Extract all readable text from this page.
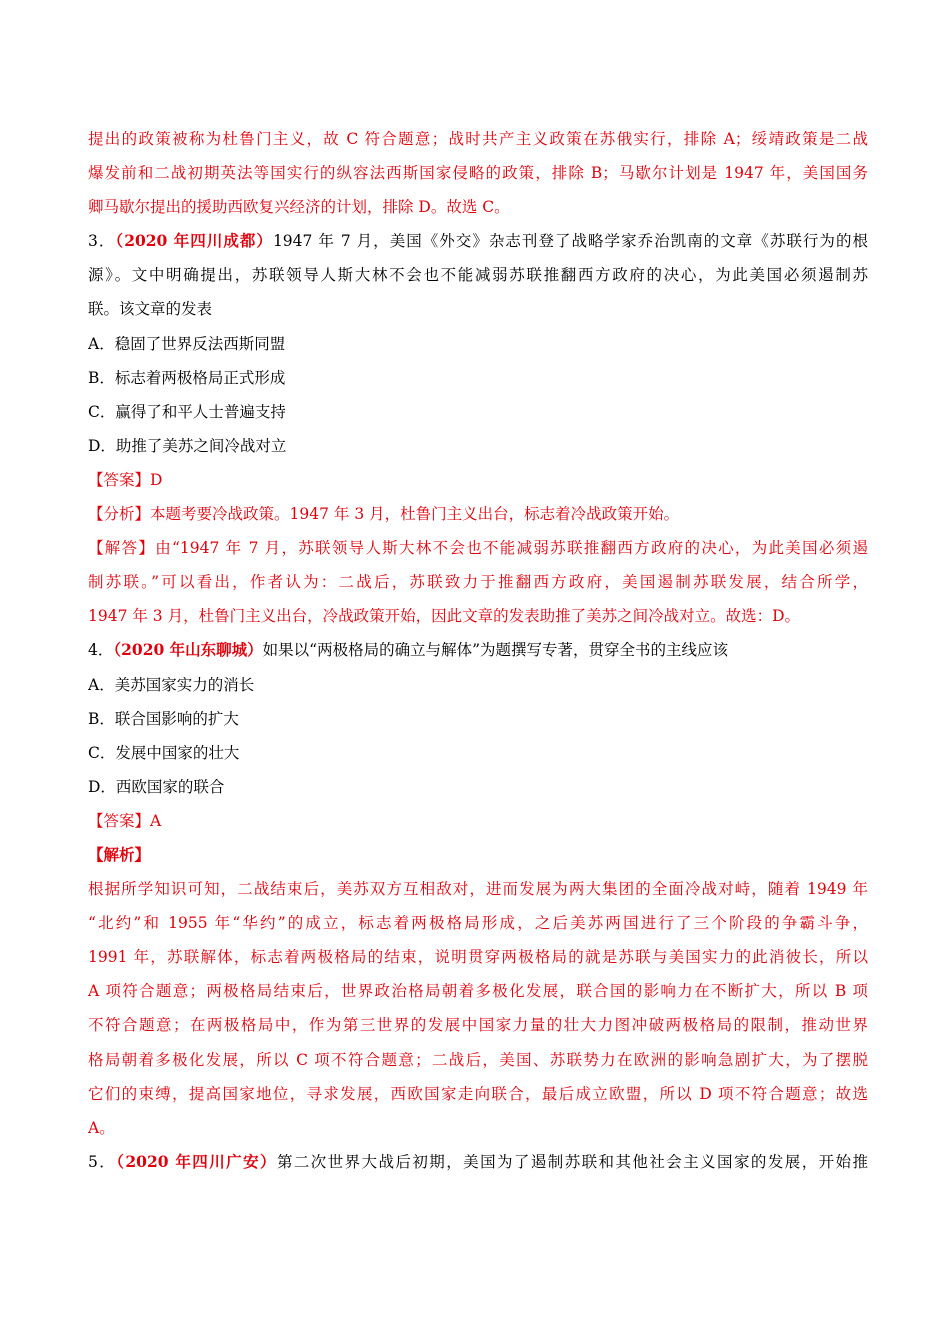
提出的政策被称为杜鲁门主义，故 C 符合题意；战时共产主义政策在苏俄实行，排除 A；绥靖政策是二战
爆发前和二战初期英法等国实行的纵容法西斯国家侵略的政策，排除 B；马歇尔计划是 1947 年，美国国务
卿马歇尔提出的援助西欧复兴经济的计划，排除 D。故选 C。
3．（2020 年四川成都）1947 年 7 月，美国《外交》杂志刊登了战略学家乔治凯南的文章《苏联行为的根
源》。文中明确提出，苏联领导人斯大林不会也不能减弱苏联推翻西方政府的决心，为此美国必须遏制苏
联。该文章的发表
A．稳固了世界反法西斯同盟
B．标志着两极格局正式形成
C．赢得了和平人士普遍支持
D．助推了美苏之间冷战对立
【答案】D
【分析】本题考要冷战政策。1947 年 3 月，杜鲁门主义出台，标志着冷战政策开始。
【解答】由“1947 年 7 月，苏联领导人斯大林不会也不能减弱苏联推翻西方政府的决心，为此美国必须遏
制苏联。”可以看出，作者认为：二战后，苏联致力于推翻西方政府，美国遏制苏联发展，结合所学，
1947 年 3 月，杜鲁门主义出台，冷战政策开始，因此文章的发表助推了美苏之间冷战对立。故选：D。
4．（2020 年山东聊城）如果以“两极格局的确立与解体”为题撰写专著，贯穿全书的主线应该
A．美苏国家实力的消长
B．联合国影响的扩大
C．发展中国家的壮大
D．西欧国家的联合
【答案】A
【解析】
根据所学知识可知，二战结束后，美苏双方互相敌对，进而发展为两大集团的全面冷战对峙，随着 1949 年
“北约”和 1955 年“华约”的成立，标志着两极格局形成，之后美苏两国进行了三个阶段的争霸斗争，
1991 年，苏联解体，标志着两极格局的结束，说明贯穿两极格局的就是苏联与美国实力的此消彼长，所以
A 项符合题意；两极格局结束后，世界政治格局朝着多极化发展，联合国的影响力在不断扩大，所以 B 项
不符合题意；在两极格局中，作为第三世界的发展中国家力量的壮大力图冲破两极格局的限制，推动世界
格局朝着多极化发展，所以 C 项不符合题意；二战后，美国、苏联势力在欧洲的影响急剧扩大，为了摆脱
它们的束缚，提高国家地位，寻求发展，西欧国家走向联合，最后成立欧盟，所以 D 项不符合题意；故选
A。
5．（2020 年四川广安）第二次世界大战后初期，美国为了遏制苏联和其他社会主义国家的发展，开始推
